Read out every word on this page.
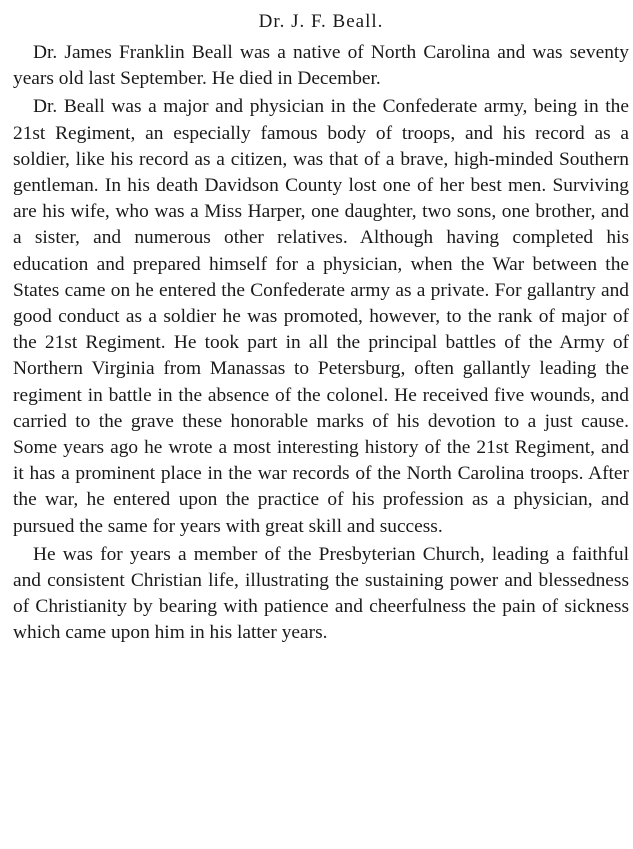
Dr. J. F. Beall.

Dr. James Franklin Beall was a native of North Carolina and was seventy years old last September. He died in December.

Dr. Beall was a major and physician in the Confederate army, being in the 21st Regiment, an especially famous body of troops, and his record as a soldier, like his record as a citizen, was that of a brave, high-minded Southern gentleman. In his death Davidson County lost one of her best men. Surviving are his wife, who was a Miss Harper, one daughter, two sons, one brother, and a sister, and numerous other relatives. Although having completed his education and prepared himself for a physician, when the War between the States came on he entered the Confederate army as a private. For gallantry and good conduct as a soldier he was promoted, however, to the rank of major of the 21st Regiment. He took part in all the principal battles of the Army of Northern Virginia from Manassas to Petersburg, often gallantly leading the regiment in battle in the absence of the colonel. He received five wounds, and carried to the grave these honorable marks of his devotion to a just cause. Some years ago he wrote a most interesting history of the 21st Regiment, and it has a prominent place in the war records of the North Carolina troops. After the war, he entered upon the practice of his profession as a physician, and pursued the same for years with great skill and success.

He was for years a member of the Presbyterian Church, leading a faithful and consistent Christian life, illustrating the sustaining power and blessedness of Christianity by bearing with patience and cheerfulness the pain of sickness which came upon him in his latter years.
